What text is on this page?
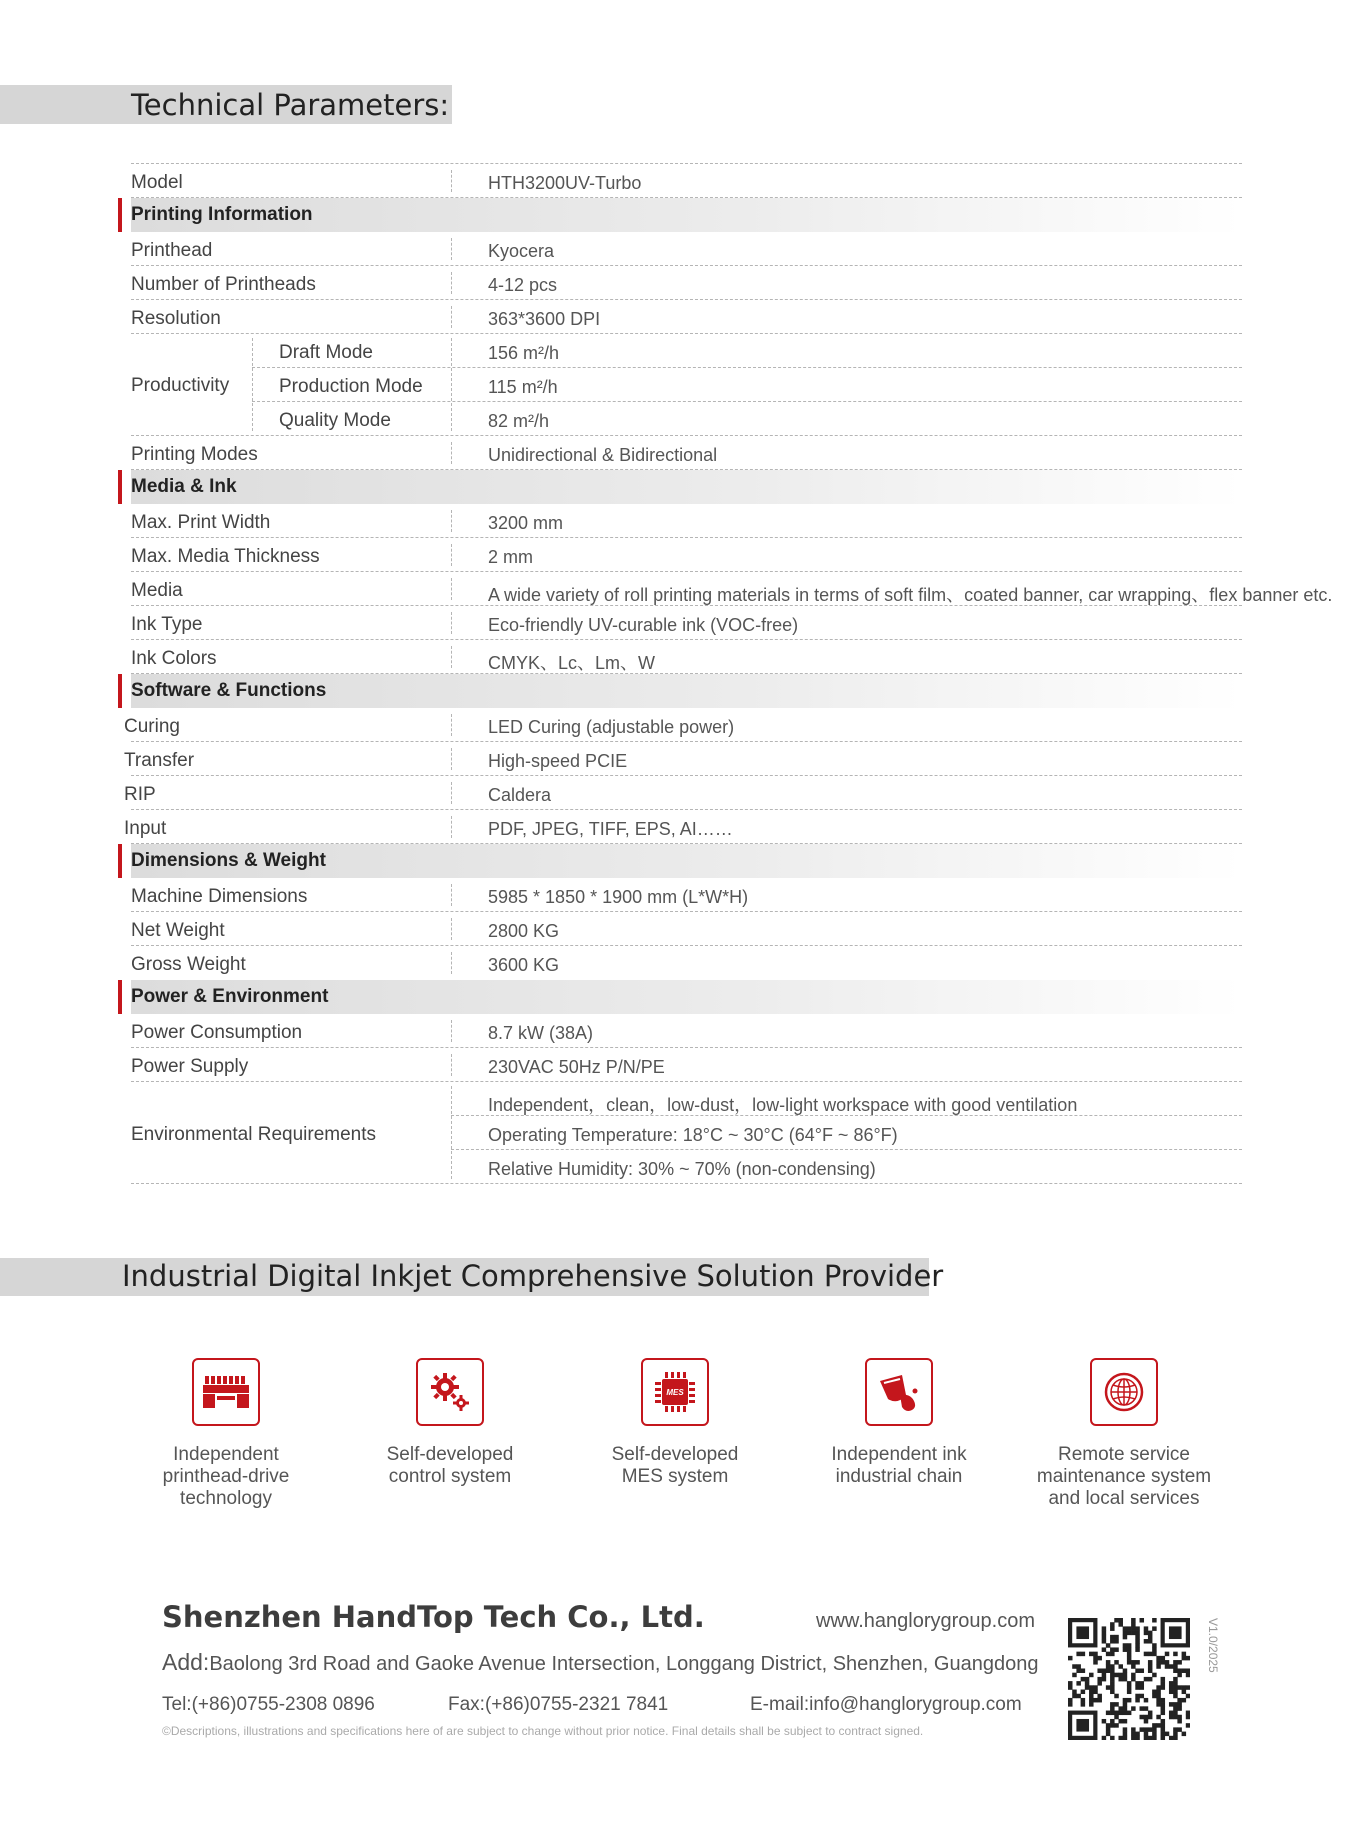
Technical Parameters:
Model	HTH3200UV-Turbo
Printing Information
Printhead	Kyocera
Number of Printheads	4-12 pcs
Resolution	363*3600 DPI
Productivity
Draft Mode	156 m²/h
Production Mode	115 m²/h
Quality Mode	82 m²/h
Printing Modes	Unidirectional & Bidirectional
Media & Ink
Max. Print Width	3200 mm
Max. Media Thickness	2 mm
Media	A wide variety of roll printing materials in terms of soft film、coated banner, car wrapping、flex banner etc.
Ink Type	Eco-friendly UV-curable ink (VOC-free)
Ink Colors	CMYK、Lc、Lm、W
Software & Functions
Curing	LED Curing (adjustable power)
Transfer	High-speed PCIE
RIP	Caldera
Input	PDF, JPEG, TIFF, EPS, AI……
Dimensions & Weight
Machine Dimensions	5985 * 1850 * 1900 mm (L*W*H)
Net Weight	2800 KG
Gross Weight	3600 KG
Power & Environment
Power Consumption	8.7 kW (38A)
Power Supply	230VAC 50Hz P/N/PE
Environmental Requirements
Independent，clean，low-dust，low-light workspace with good ventilation
Operating Temperature: 18°C ~ 30°C (64°F ~ 86°F)
Relative Humidity: 30% ~ 70% (non-condensing)
Industrial Digital Inkjet Comprehensive Solution Provider
Independent
printhead-drive
technology
Self-developed
control system
MES
Self-developed
MES system
Independent ink
industrial chain
Remote service
maintenance system
and local services
Shenzhen HandTop Tech Co., Ltd.	www.hanglorygroup.com
Add:Baolong 3rd Road and Gaoke Avenue Intersection, Longgang District, Shenzhen, Guangdong
Tel:(+86)0755-2308 0896	Fax:(+86)0755-2321 7841	E-mail:info@hanglorygroup.com
©Descriptions, illustrations and specifications here of are subject to change without prior notice. Final details shall be subject to contract signed.
V1.0/2025
